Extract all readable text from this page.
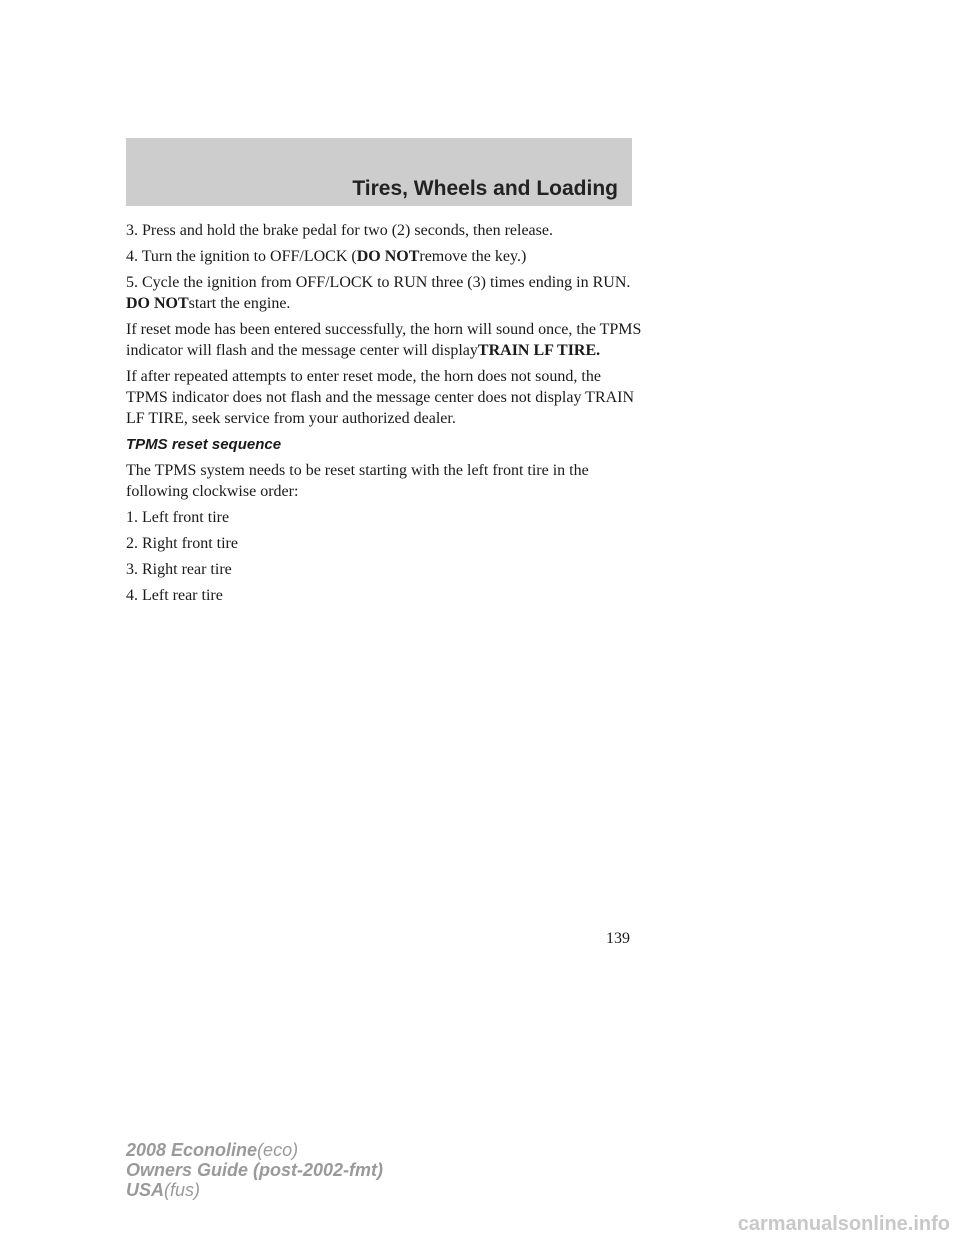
Tires, Wheels and Loading

3. Press and hold the brake pedal for two (2) seconds, then release.

4. Turn the ignition to OFF/LOCK (DO NOTremove the key.)

5. Cycle the ignition from OFF/LOCK to RUN three (3) times ending in RUN. DO NOTstart the engine.

If reset mode has been entered successfully, the horn will sound once, the TPMS indicator will flash and the message center will displayTRAIN LF TIRE.

If after repeated attempts to enter reset mode, the horn does not sound, the TPMS indicator does not flash and the message center does not display TRAIN LF TIRE, seek service from your authorized dealer.

TPMS reset sequence

The TPMS system needs to be reset starting with the left front tire in the following clockwise order:

1. Left front tire

2. Right front tire

3. Right rear tire

4. Left rear tire

139
2008 Econoline(eco)
Owners Guide (post-2002-fmt)
USA(fus)
carmanualsonline.info
